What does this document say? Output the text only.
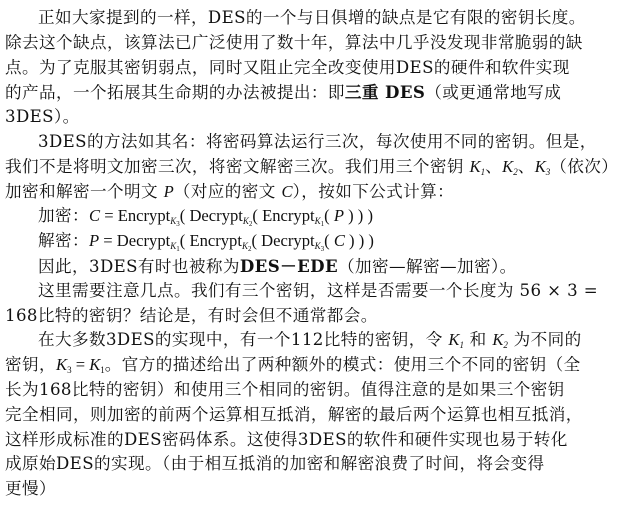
正如大家提到的一样，DES的一个与日俱增的缺点是它有限的密钥长度。
除去这个缺点，该算法已广泛使用了数十年，算法中几乎没发现非常脆弱的缺
点。为了克服其密钥弱点，同时又阻止完全改变使用DES的硬件和软件实现
的产品，一个拓展其生命期的办法被提出：即三重 DES（或更通常地写成
3DES）。
3DES的方法如其名：将密码算法运行三次，每次使用不同的密钥。但是，
我们不是将明文加密三次，将密文解密三次。我们用三个密钥 $K_1$、$K_2$、$K_3$（依次）
加密和解密一个明文 P（对应的密文 C），按如下公式计算：
加密：C = Encrypt$_{K_3}$( Decrypt$_{K_2}$( Encrypt$_{K_1}$( P ) ) )
解密：P = Decrypt$_{K_1}$( Encrypt$_{K_2}$( Decrypt$_{K_3}$( C ) ) )
因此，3DES有时也被称为DES－EDE（加密—解密—加密）。
这里需要注意几点。我们有三个密钥，这样是否需要一个长度为 56 × 3 =
168比特的密钥？结论是，有时会但不通常都会。
在大多数3DES的实现中，有一个112比特的密钥，令 $K_1$ 和 $K_2$ 为不同的
密钥，$K_3 = K_1$。官方的描述给出了两种额外的模式：使用三个不同的密钥（全
长为168比特的密钥）和使用三个相同的密钥。值得注意的是如果三个密钥
完全相同，则加密的前两个运算相互抵消，解密的最后两个运算也相互抵消，
这样形成标准的DES密码体系。这使得3DES的软件和硬件实现也易于转化
成原始DES的实现。（由于相互抵消的加密和解密浪费了时间，将会变得
更慢）
